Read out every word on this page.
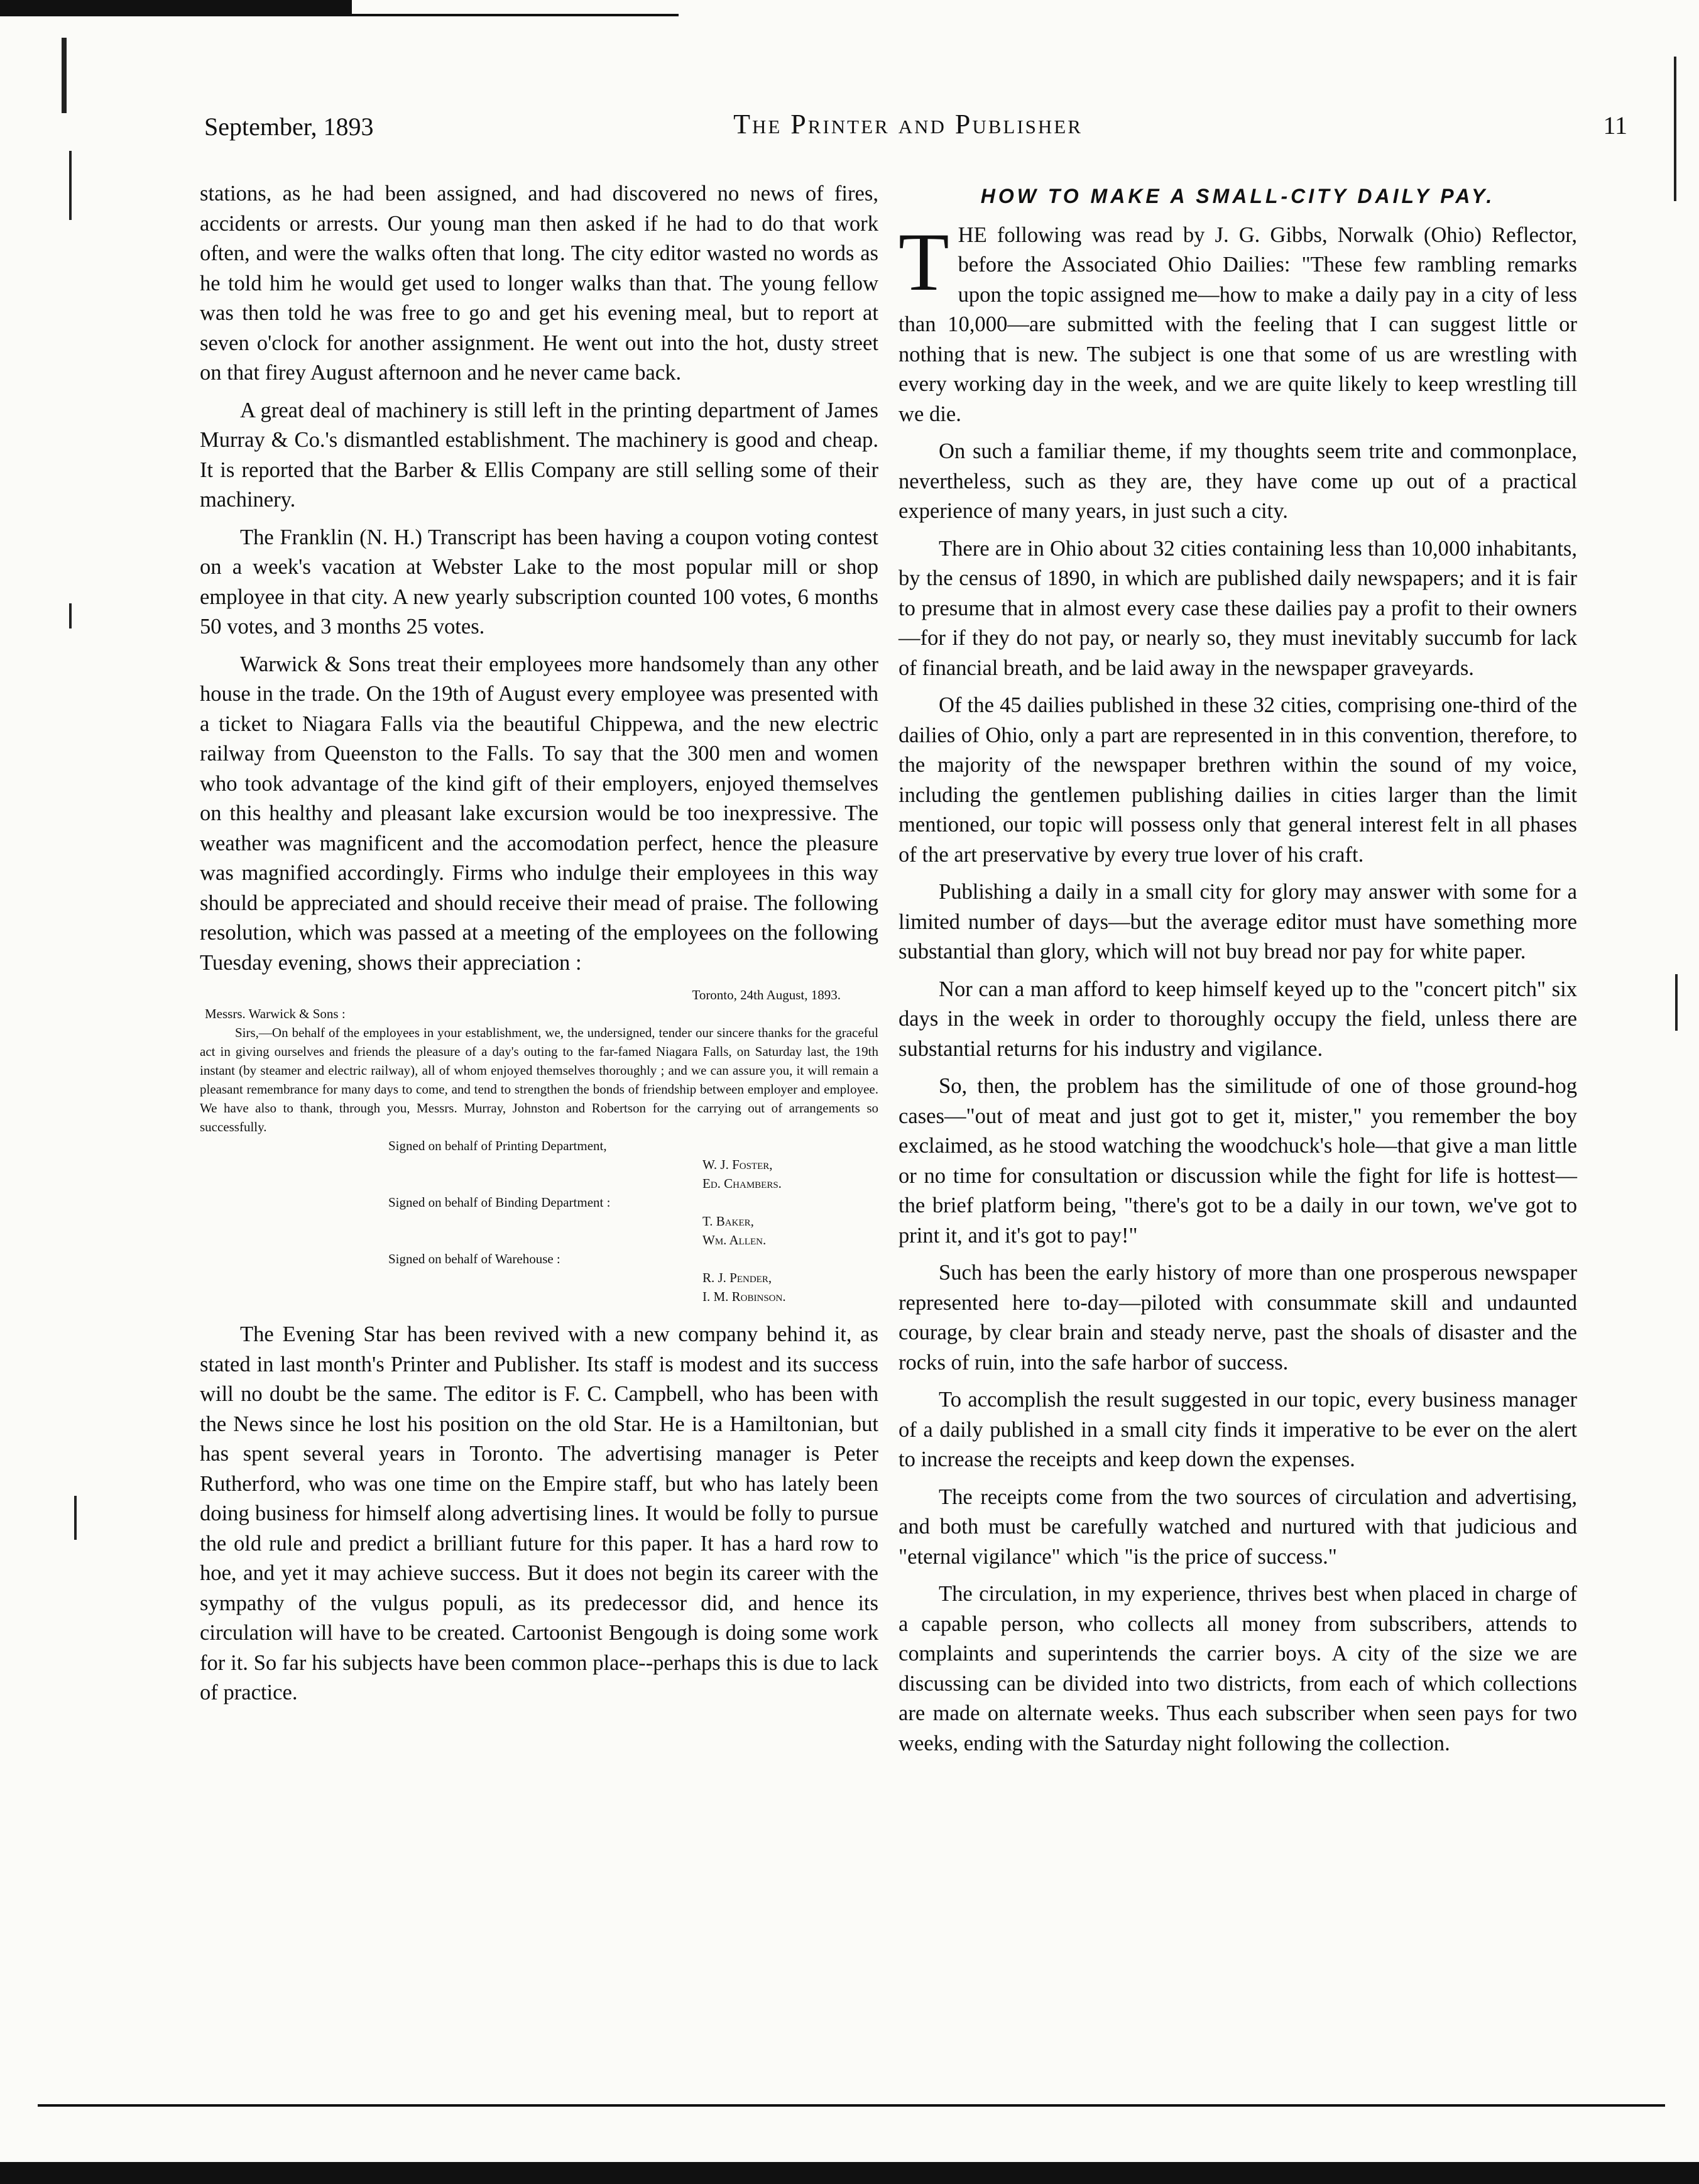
September, 1893	The Printer and Publisher	11

stations, as he had been assigned, and had discovered no news of fires, accidents or arrests. Our young man then asked if he had to do that work often, and were the walks often that long. The city editor wasted no words as he told him he would get used to longer walks than that. The young fellow was then told he was free to go and get his evening meal, but to report at seven o'clock for another assignment. He went out into the hot, dusty street on that firey August afternoon and he never came back.

A great deal of machinery is still left in the printing department of James Murray & Co.'s dismantled establishment. The machinery is good and cheap. It is reported that the Barber & Ellis Company are still selling some of their machinery.

The Franklin (N. H.) Transcript has been having a coupon voting contest on a week's vacation at Webster Lake to the most popular mill or shop employee in that city. A new yearly subscription counted 100 votes, 6 months 50 votes, and 3 months 25 votes.

Warwick & Sons treat their employees more handsomely than any other house in the trade. On the 19th of August every employee was presented with a ticket to Niagara Falls via the beautiful Chippewa, and the new electric railway from Queenston to the Falls. To say that the 300 men and women who took advantage of the kind gift of their employers, enjoyed themselves on this healthy and pleasant lake excursion would be too inexpressive. The weather was magnificent and the accomodation perfect, hence the pleasure was magnified accordingly. Firms who indulge their employees in this way should be appreciated and should receive their mead of praise. The following resolution, which was passed at a meeting of the employees on the following Tuesday evening, shows their appreciation :

Toronto, 24th August, 1893.
Messrs. Warwick & Sons :
Sirs,—On behalf of the employees in your establishment, we, the undersigned, tender our sincere thanks for the graceful act in giving ourselves and friends the pleasure of a day's outing to the far-famed Niagara Falls, on Saturday last, the 19th instant (by steamer and electric railway), all of whom enjoyed themselves thoroughly ; and we can assure you, it will remain a pleasant remembrance for many days to come, and tend to strengthen the bonds of friendship between employer and employee. We have also to thank, through you, Messrs. Murray, Johnston and Robertson for the carrying out of arrangements so successfully.
Signed on behalf of Printing Department,
W. J. Foster,
Ed. Chambers.
Signed on behalf of Binding Department :
T. Baker,
Wm. Allen.
Signed on behalf of Warehouse :
R. J. Pender,
I. M. Robinson.

The Evening Star has been revived with a new company behind it, as stated in last month's Printer and Publisher. Its staff is modest and its success will no doubt be the same. The editor is F. C. Campbell, who has been with the News since he lost his position on the old Star. He is a Hamiltonian, but has spent several years in Toronto. The advertising manager is Peter Rutherford, who was one time on the Empire staff, but who has lately been doing business for himself along advertising lines. It would be folly to pursue the old rule and predict a brilliant future for this paper. It has a hard row to hoe, and yet it may achieve success. But it does not begin its career with the sympathy of the vulgus populi, as its predecessor did, and hence its circulation will have to be created. Cartoonist Bengough is doing some work for it. So far his subjects have been common place--perhaps this is due to lack of practice.

HOW TO MAKE A SMALL-CITY DAILY PAY.

THE following was read by J. G. Gibbs, Norwalk (Ohio) Reflector, before the Associated Ohio Dailies: "These few rambling remarks upon the topic assigned me—how to make a daily pay in a city of less than 10,000—are submitted with the feeling that I can suggest little or nothing that is new. The subject is one that some of us are wrestling with every working day in the week, and we are quite likely to keep wrestling till we die.

On such a familiar theme, if my thoughts seem trite and commonplace, nevertheless, such as they are, they have come up out of a practical experience of many years, in just such a city.

There are in Ohio about 32 cities containing less than 10,000 inhabitants, by the census of 1890, in which are published daily newspapers; and it is fair to presume that in almost every case these dailies pay a profit to their owners—for if they do not pay, or nearly so, they must inevitably succumb for lack of financial breath, and be laid away in the newspaper graveyards.

Of the 45 dailies published in these 32 cities, comprising one-third of the dailies of Ohio, only a part are represented in in this convention, therefore, to the majority of the newspaper brethren within the sound of my voice, including the gentlemen publishing dailies in cities larger than the limit mentioned, our topic will possess only that general interest felt in all phases of the art preservative by every true lover of his craft.

Publishing a daily in a small city for glory may answer with some for a limited number of days—but the average editor must have something more substantial than glory, which will not buy bread nor pay for white paper.

Nor can a man afford to keep himself keyed up to the "concert pitch" six days in the week in order to thoroughly occupy the field, unless there are substantial returns for his industry and vigilance.

So, then, the problem has the similitude of one of those ground-hog cases—"out of meat and just got to get it, mister," you remember the boy exclaimed, as he stood watching the woodchuck's hole—that give a man little or no time for consultation or discussion while the fight for life is hottest—the brief platform being, "there's got to be a daily in our town, we've got to print it, and it's got to pay!"

Such has been the early history of more than one prosperous newspaper represented here to-day—piloted with consummate skill and undaunted courage, by clear brain and steady nerve, past the shoals of disaster and the rocks of ruin, into the safe harbor of success.

To accomplish the result suggested in our topic, every business manager of a daily published in a small city finds it imperative to be ever on the alert to increase the receipts and keep down the expenses.

The receipts come from the two sources of circulation and advertising, and both must be carefully watched and nurtured with that judicious and "eternal vigilance" which "is the price of success."

The circulation, in my experience, thrives best when placed in charge of a capable person, who collects all money from subscribers, attends to complaints and superintends the carrier boys. A city of the size we are discussing can be divided into two districts, from each of which collections are made on alternate weeks. Thus each subscriber when seen pays for two weeks, ending with the Saturday night following the collection.
